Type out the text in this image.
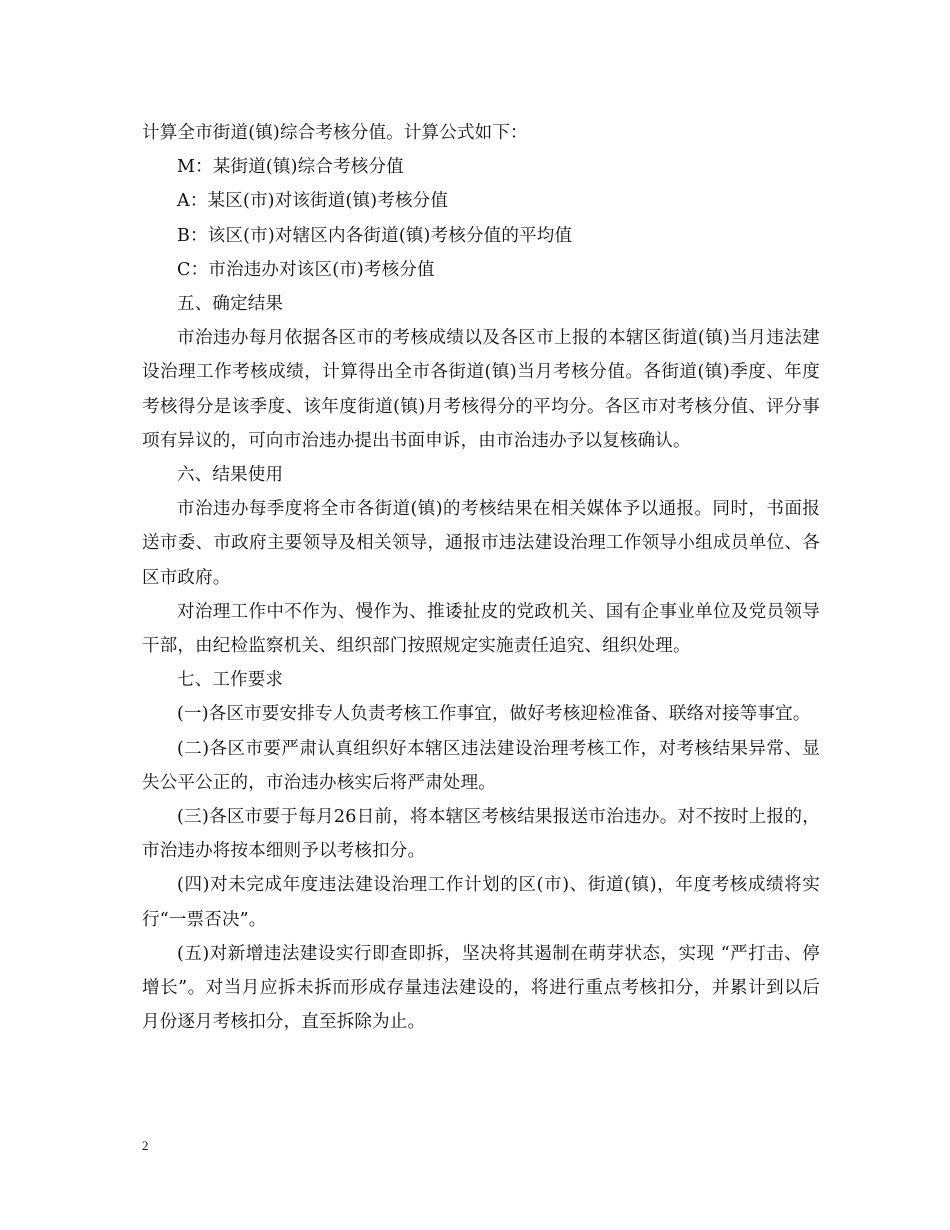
计算全市街道(镇)综合考核分值。计算公式如下：

M：某街道(镇)综合考核分值

A：某区(市)对该街道(镇)考核分值

B：该区(市)对辖区内各街道(镇)考核分值的平均值

C：市治违办对该区(市)考核分值

五、确定结果

市治违办每月依据各区市的考核成绩以及各区市上报的本辖区街道(镇)当月违法建设治理工作考核成绩，计算得出全市各街道(镇)当月考核分值。各街道(镇)季度、年度考核得分是该季度、该年度街道(镇)月考核得分的平均分。各区市对考核分值、评分事项有异议的，可向市治违办提出书面申诉，由市治违办予以复核确认。

六、结果使用

市治违办每季度将全市各街道(镇)的考核结果在相关媒体予以通报。同时，书面报送市委、市政府主要领导及相关领导，通报市违法建设治理工作领导小组成员单位、各区市政府。

对治理工作中不作为、慢作为、推诿扯皮的党政机关、国有企事业单位及党员领导干部，由纪检监察机关、组织部门按照规定实施责任追究、组织处理。

七、工作要求

(一)各区市要安排专人负责考核工作事宜，做好考核迎检准备、联络对接等事宜。

(二)各区市要严肃认真组织好本辖区违法建设治理考核工作，对考核结果异常、显失公平公正的，市治违办核实后将严肃处理。

(三)各区市要于每月26日前，将本辖区考核结果报送市治违办。对不按时上报的，市治违办将按本细则予以考核扣分。

(四)对未完成年度违法建设治理工作计划的区(市)、街道(镇)，年度考核成绩将实行“一票否决”。

(五)对新增违法建设实行即查即拆，坚决将其遏制在萌芽状态，实现 “严打击、停增长”。对当月应拆未拆而形成存量违法建设的，将进行重点考核扣分，并累计到以后月份逐月考核扣分，直至拆除为止。

2
